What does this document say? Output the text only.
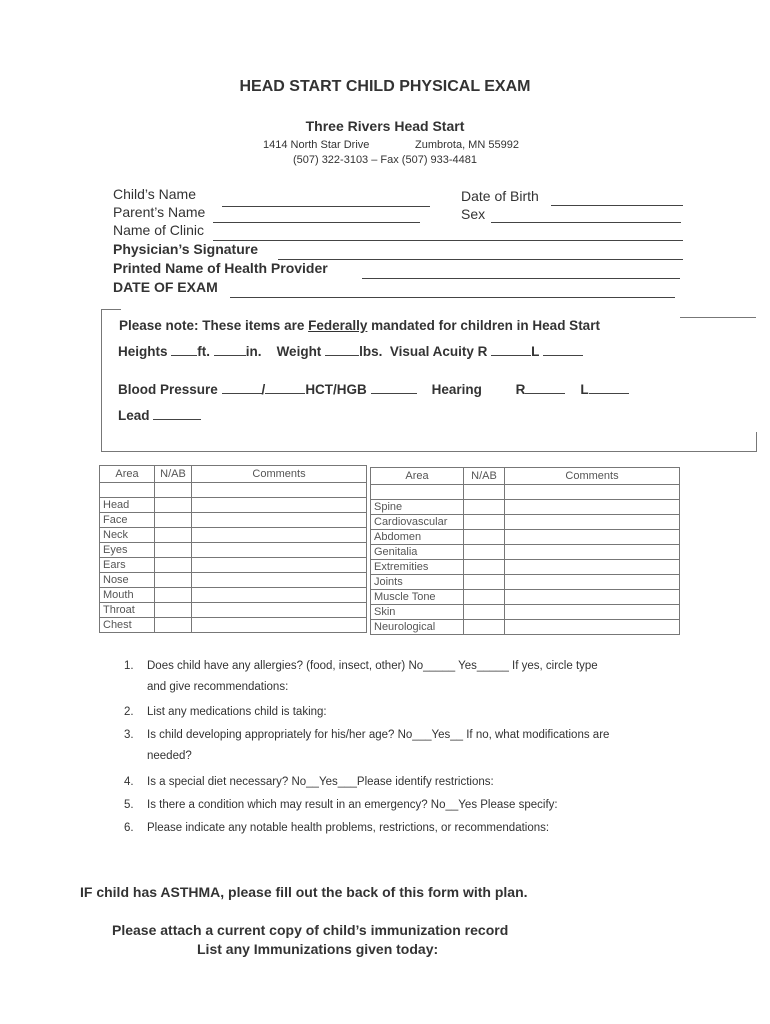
HEAD START CHILD PHYSICAL EXAM
Three Rivers Head Start
1414 North Star Drive	Zumbrota, MN 55992
(507) 322-3103 – Fax (507) 933-4481
Child’s Name
Parent’s Name
Name of Clinic
Physician’s Signature
Printed Name of Health Provider
DATE OF EXAM
Date of Birth
Sex
Please note: These items are Federally mandated for children in Head Start
Heights ft.	in. Weight	lbs. Visual Acuity R	L
Blood Pressure	/	HCT/HGB	Hearing	R	L
Lead
Area	N/AB	Comments

Head		
Face		
Neck		
Eyes		
Ears		
Nose		
Mouth		
Throat		
Chest		
Area	N/AB	Comments

Spine		
Cardiovascular		
Abdomen		
Genitalia		
Extremities		
Joints		
Muscle Tone		
Skin		
Neurological		
1. Does child have any allergies? (food, insect, other) No_____ Yes_____ If yes, circle type
and give recommendations:
2. List any medications child is taking:
3. Is child developing appropriately for his/her age? No___Yes__ If no, what modifications are
needed?
4. Is a special diet necessary? No__Yes___Please identify restrictions:
5. Is there a condition which may result in an emergency? No__Yes Please specify:
6. Please indicate any notable health problems, restrictions, or recommendations:
IF child has ASTHMA, please fill out the back of this form with plan.
Please attach a current copy of child’s immunization record
List any Immunizations given today:
